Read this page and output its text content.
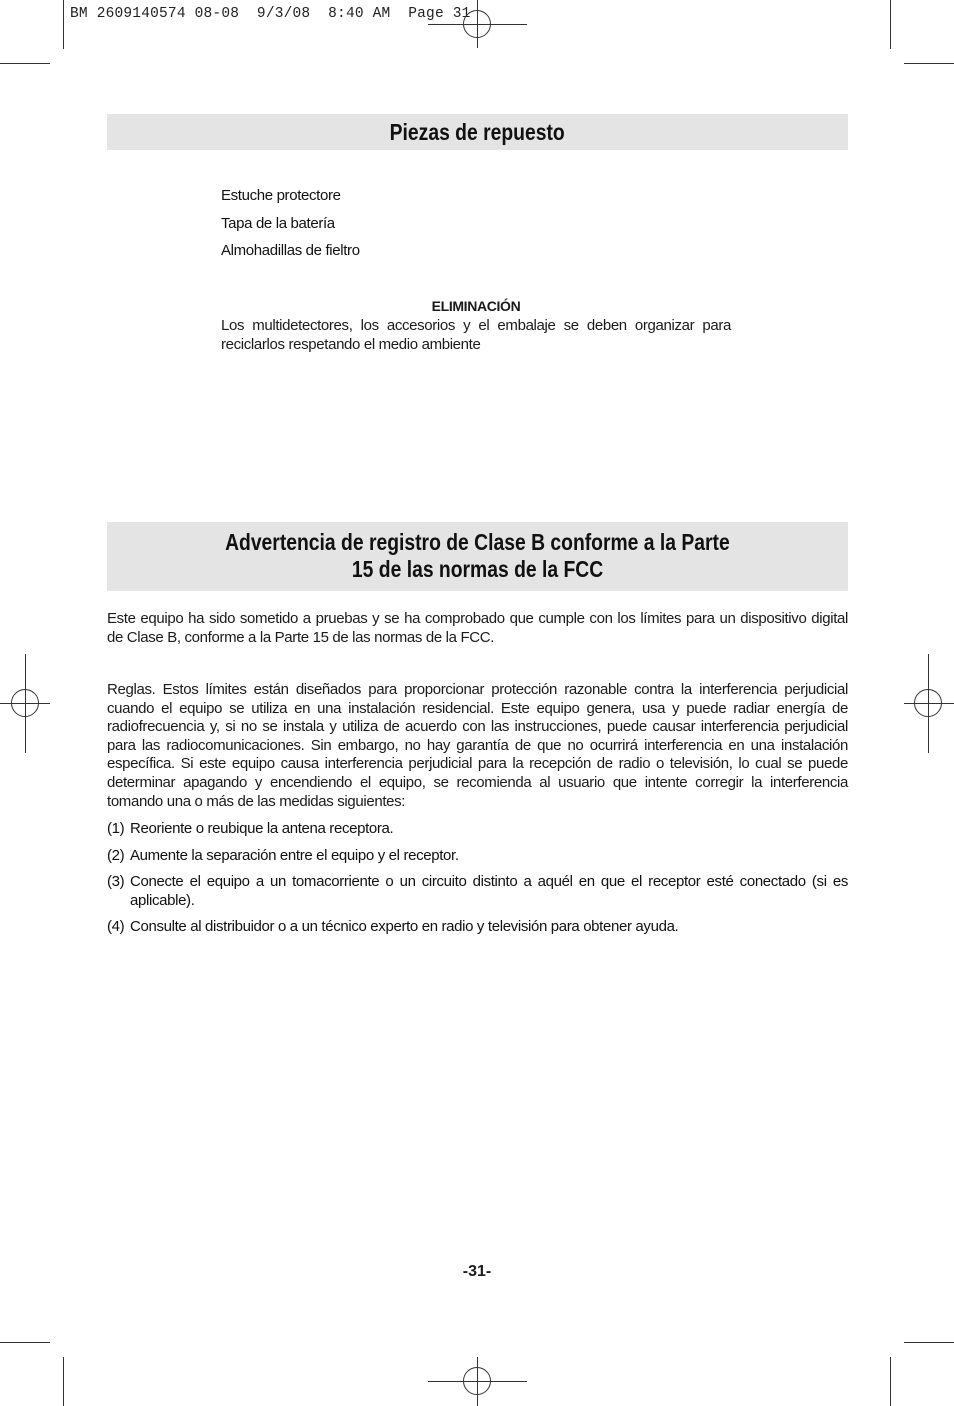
BM 2609140574 08-08  9/3/08  8:40 AM  Page 31
Piezas de repuesto
Estuche protectore
Tapa de la batería
Almohadillas de fieltro
ELIMINACIÓN
Los multidetectores, los accesorios y el embalaje se deben organizar para reciclarlos respetando el medio ambiente
Advertencia de registro de Clase B conforme a la Parte
15 de las normas de la FCC
Este equipo ha sido sometido a pruebas y se ha comprobado que cumple con los límites para un dispositivo digital de Clase B, conforme a la Parte 15 de las normas de la FCC.
Reglas. Estos límites están diseñados para proporcionar protección razonable contra la interferencia perjudicial cuando el equipo se utiliza en una instalación residencial. Este equipo genera, usa y puede radiar energía de radiofrecuencia y, si no se instala y utiliza de acuerdo con las instrucciones, puede causar interferencia perjudicial para las radiocomunicaciones. Sin embargo, no hay garantía de que no ocurrirá interferencia en una instalación específica. Si este equipo causa interferencia perjudicial para la recepción de radio o televisión, lo cual se puede determinar apagando y encendiendo el equipo, se recomienda al usuario que intente corregir la interferencia tomando una o más de las medidas siguientes:
(1) Reoriente o reubique la antena receptora.
(2) Aumente la separación entre el equipo y el receptor.
(3) Conecte el equipo a un tomacorriente o un circuito distinto a aquél en que el receptor esté conectado (si es aplicable).
(4) Consulte al distribuidor o a un técnico experto en radio y televisión para obtener ayuda.
-31-
